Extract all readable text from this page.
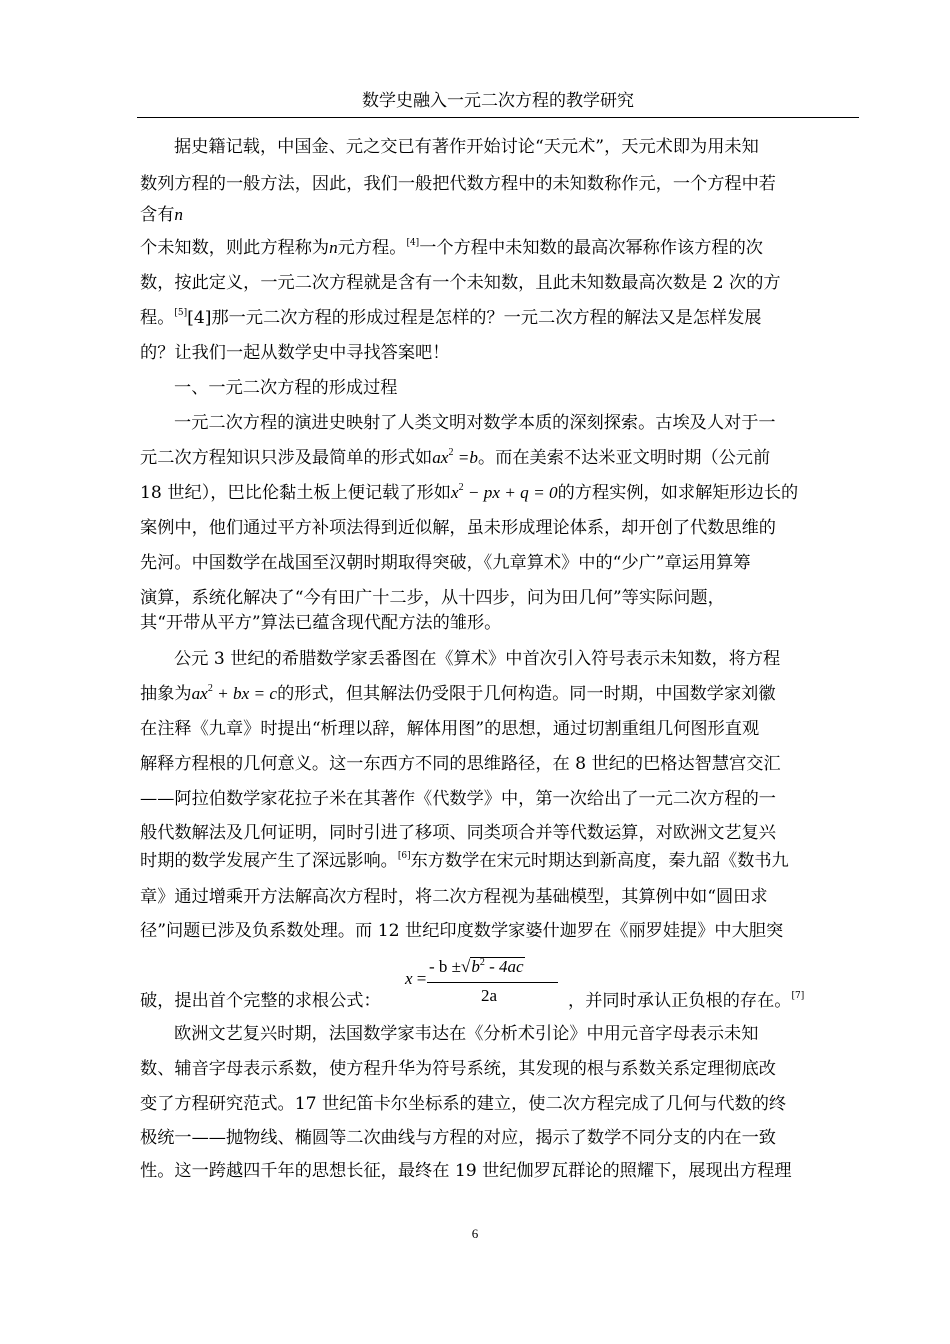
数学史融入一元二次方程的教学研究
据史籍记载，中国金、元之交已有著作开始讨论“天元术”，天元术即为用未知
数列方程的一般方法，因此，我们一般把代数方程中的未知数称作元，一个方程中若
含有n
个未知数，则此方程称为n元方程。[4]一个方程中未知数的最高次幂称作该方程的次
数，按此定义，一元二次方程就是含有一个未知数，且此未知数最高次数是 2 次的方
程。[5][4]那一元二次方程的形成过程是怎样的？一元二次方程的解法又是怎样发展
的？让我们一起从数学史中寻找答案吧！
一、一元二次方程的形成过程
一元二次方程的演进史映射了人类文明对数学本质的深刻探索。古埃及人对于一
元二次方程知识只涉及最简单的形式如$ax^2 =b$。而在美索不达米亚文明时期（公元前
18 世纪），巴比伦黏土板上便记载了形如$x^2$ − px + q = 0的方程实例，如求解矩形边长的
案例中，他们通过平方补项法得到近似解，虽未形成理论体系，却开创了代数思维的
先河。中国数学在战国至汉朝时期取得突破，《九章算术》中的“少广”章运用算筹
演算，系统化解决了“今有田广十二步，从十四步，问为田几何”等实际问题，
其“开带从平方”算法已蕴含现代配方法的雏形。
公元 3 世纪的希腊数学家丢番图在《算术》中首次引入符号表示未知数，将方程
抽象为$ax^2$ + bx = c的形式，但其解法仍受限于几何构造。同一时期，中国数学家刘徽
在注释《九章》时提出“析理以辞，解体用图”的思想，通过切割重组几何图形直观
解释方程根的几何意义。这一东西方不同的思维路径，在 8 世纪的巴格达智慧宫交汇
——阿拉伯数学家花拉子米在其著作《代数学》中，第一次给出了一元二次方程的一
般代数解法及几何证明，同时引进了移项、同类项合并等代数运算，对欧洲文艺复兴
时期的数学发展产生了深远影响。[6]东方数学在宋元时期达到新高度，秦九韶《数书九
章》通过增乘开方法解高次方程时，将二次方程视为基础模型，其算例中如“圆田求
径”问题已涉及负系数处理。而 12 世纪印度数学家婆什迦罗在《丽罗娃提》中大胆突
破，提出首个完整的求根公式：	，并同时承认正负根的存在。[7]
x =
- $b \pm√b^2 - 4ac$
2a
欧洲文艺复兴时期，法国数学家韦达在《分析术引论》中用元音字母表示未知
数、辅音字母表示系数，使方程升华为符号系统，其发现的根与系数关系定理彻底改
变了方程研究范式。17 世纪笛卡尔坐标系的建立，使二次方程完成了几何与代数的终
极统一——抛物线、椭圆等二次曲线与方程的对应，揭示了数学不同分支的内在一致
性。这一跨越四千年的思想长征，最终在 19 世纪伽罗瓦群论的照耀下，展现出方程理
6
